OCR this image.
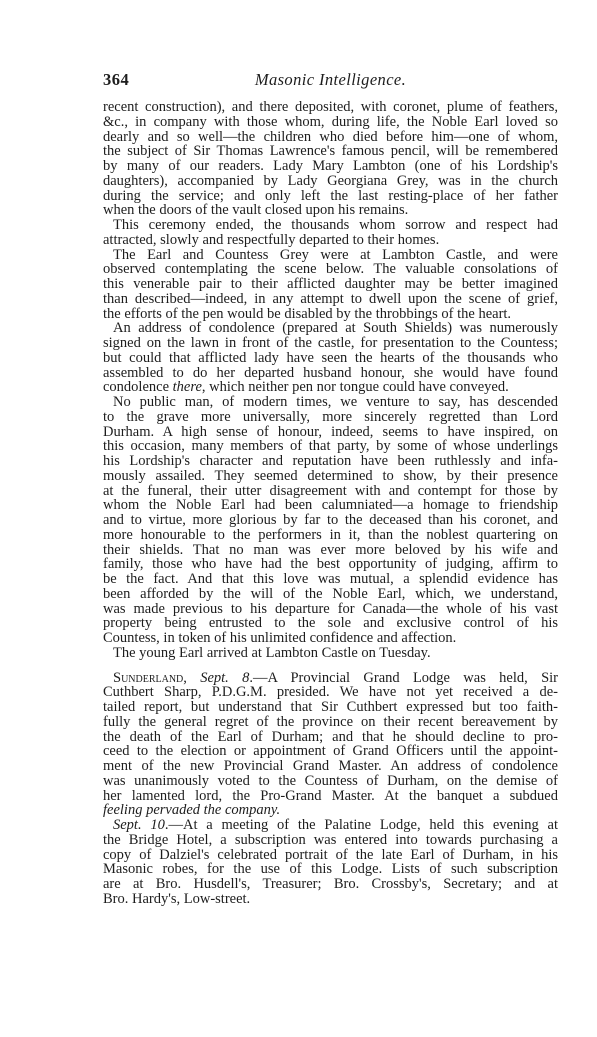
364	Masonic Intelligence.
recent construction), and there deposited, with coronet, plume of feathers,
&c., in company with those whom, during life, the Noble Earl loved so
dearly and so well—the children who died before him—one of whom,
the subject of Sir Thomas Lawrence's famous pencil, will be remembered
by many of our readers. Lady Mary Lambton (one of his Lordship's
daughters), accompanied by Lady Georgiana Grey, was in the church
during the service; and only left the last resting-place of her father
when the doors of the vault closed upon his remains.
This ceremony ended, the thousands whom sorrow and respect had
attracted, slowly and respectfully departed to their homes.
The Earl and Countess Grey were at Lambton Castle, and were
observed contemplating the scene below. The valuable consolations of
this venerable pair to their afflicted daughter may be better imagined
than described—indeed, in any attempt to dwell upon the scene of grief,
the efforts of the pen would be disabled by the throbbings of the heart.
An address of condolence (prepared at South Shields) was numerously
signed on the lawn in front of the castle, for presentation to the Countess;
but could that afflicted lady have seen the hearts of the thousands who
assembled to do her departed husband honour, she would have found
condolence there, which neither pen nor tongue could have conveyed.
No public man, of modern times, we venture to say, has descended
to the grave more universally, more sincerely regretted than Lord
Durham. A high sense of honour, indeed, seems to have inspired, on
this occasion, many members of that party, by some of whose underlings
his Lordship's character and reputation have been ruthlessly and infa-
mously assailed. They seemed determined to show, by their presence
at the funeral, their utter disagreement with and contempt for those by
whom the Noble Earl had been calumniated—a homage to friendship
and to virtue, more glorious by far to the deceased than his coronet, and
more honourable to the performers in it, than the noblest quartering on
their shields. That no man was ever more beloved by his wife and
family, those who have had the best opportunity of judging, affirm to
be the fact. And that this love was mutual, a splendid evidence has
been afforded by the will of the Noble Earl, which, we understand,
was made previous to his departure for Canada—the whole of his vast
property being entrusted to the sole and exclusive control of his
Countess, in token of his unlimited confidence and affection.
The young Earl arrived at Lambton Castle on Tuesday.
Sunderland, Sept. 8.—A Provincial Grand Lodge was held, Sir
Cuthbert Sharp, P.D.G.M. presided. We have not yet received a de-
tailed report, but understand that Sir Cuthbert expressed but too faith-
fully the general regret of the province on their recent bereavement by
the death of the Earl of Durham; and that he should decline to pro-
ceed to the election or appointment of Grand Officers until the appoint-
ment of the new Provincial Grand Master. An address of condolence
was unanimously voted to the Countess of Durham, on the demise of
her lamented lord, the Pro-Grand Master. At the banquet a subdued
feeling pervaded the company.
Sept. 10.—At a meeting of the Palatine Lodge, held this evening at
the Bridge Hotel, a subscription was entered into towards purchasing a
copy of Dalziel's celebrated portrait of the late Earl of Durham, in his
Masonic robes, for the use of this Lodge. Lists of such subscription
are at Bro. Husdell's, Treasurer; Bro. Crossby's, Secretary; and at
Bro. Hardy's, Low-street.
